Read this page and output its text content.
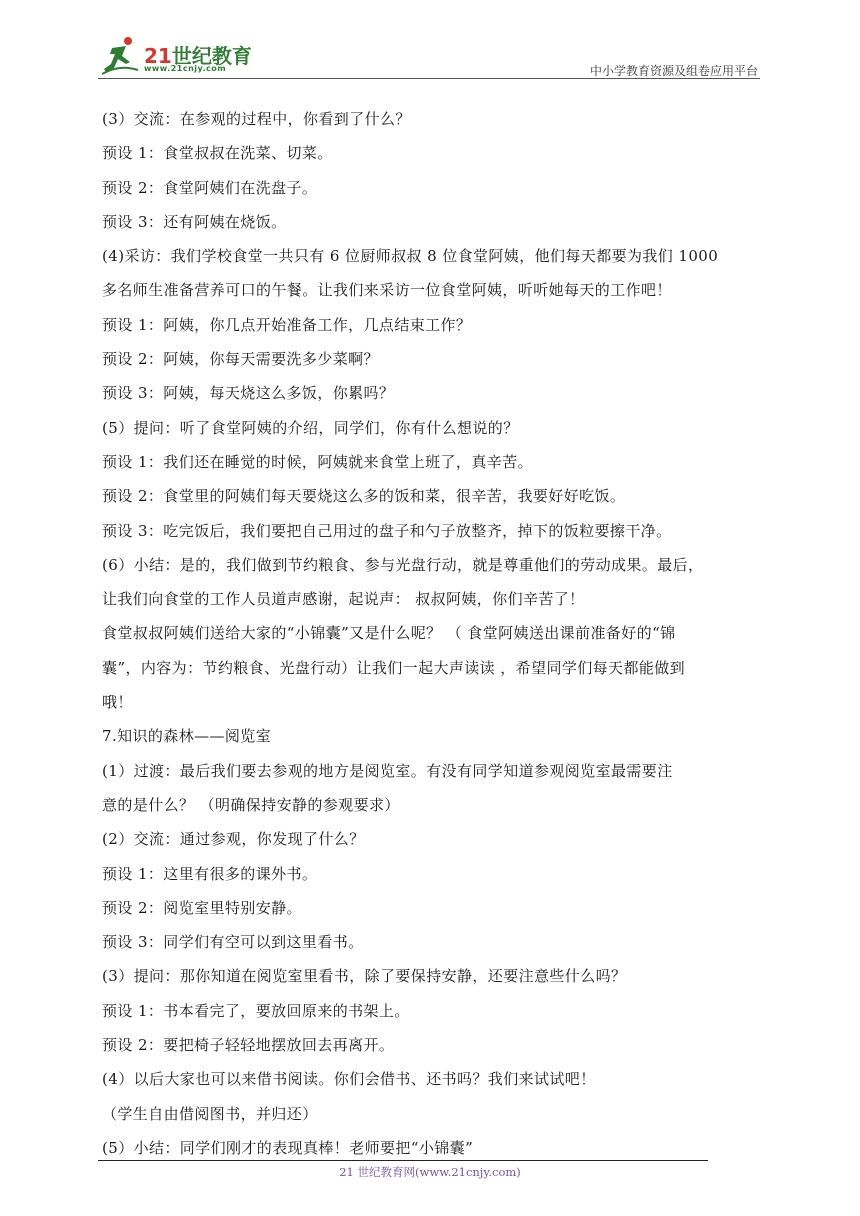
21世纪教育
www.21cnjy.com	中小学教育资源及组卷应用平台
(3）交流：在参观的过程中，你看到了什么？
预设 1：食堂叔叔在洗菜、切菜。
预设 2：食堂阿姨们在洗盘子。
预设 3：还有阿姨在烧饭。
(4)采访：我们学校食堂一共只有 6 位厨师叔叔 8 位食堂阿姨，他们每天都要为我们 1000
多名师生准备营养可口的午餐。让我们来采访一位食堂阿姨，听听她每天的工作吧！
预设 1：阿姨，你几点开始准备工作，几点结束工作？
预设 2：阿姨，你每天需要洗多少菜啊？
预设 3：阿姨，每天烧这么多饭，你累吗？
(5）提问：听了食堂阿姨的介绍，同学们，你有什么想说的？
预设 1：我们还在睡觉的时候，阿姨就来食堂上班了，真辛苦。
预设 2：食堂里的阿姨们每天要烧这么多的饭和菜，很辛苦，我要好好吃饭。
预设 3：吃完饭后，我们要把自己用过的盘子和勺子放整齐，掉下的饭粒要擦干净。
(6）小结：是的，我们做到节约粮食、参与光盘行动，就是尊重他们的劳动成果。最后，
让我们向食堂的工作人员道声感谢，起说声： 叔叔阿姨，你们辛苦了！
食堂叔叔阿姨们送给大家的“小锦囊”又是什么呢？ （ 食堂阿姨送出课前准备好的“锦
囊”，内容为：节约粮食、光盘行动）让我们一起大声读读 ，希望同学们每天都能做到
哦！
7.知识的森林——阅览室
(1）过渡：最后我们要去参观的地方是阅览室。有没有同学知道参观阅览室最需要注
意的是什么？ （明确保持安静的参观要求）
(2）交流：通过参观，你发现了什么？
预设 1：这里有很多的课外书。
预设 2：阅览室里特别安静。
预设 3：同学们有空可以到这里看书。
(3）提问：那你知道在阅览室里看书，除了要保持安静，还要注意些什么吗？
预设 1：书本看完了，要放回原来的书架上。
预设 2：要把椅子轻轻地摆放回去再离开。
(4）以后大家也可以来借书阅读。你们会借书、还书吗？我们来试试吧！
（学生自由借阅图书，并归还）
(5）小结：同学们刚才的表现真棒！老师要把“小锦囊”
21 世纪教育网(www.21cnjy.com)
